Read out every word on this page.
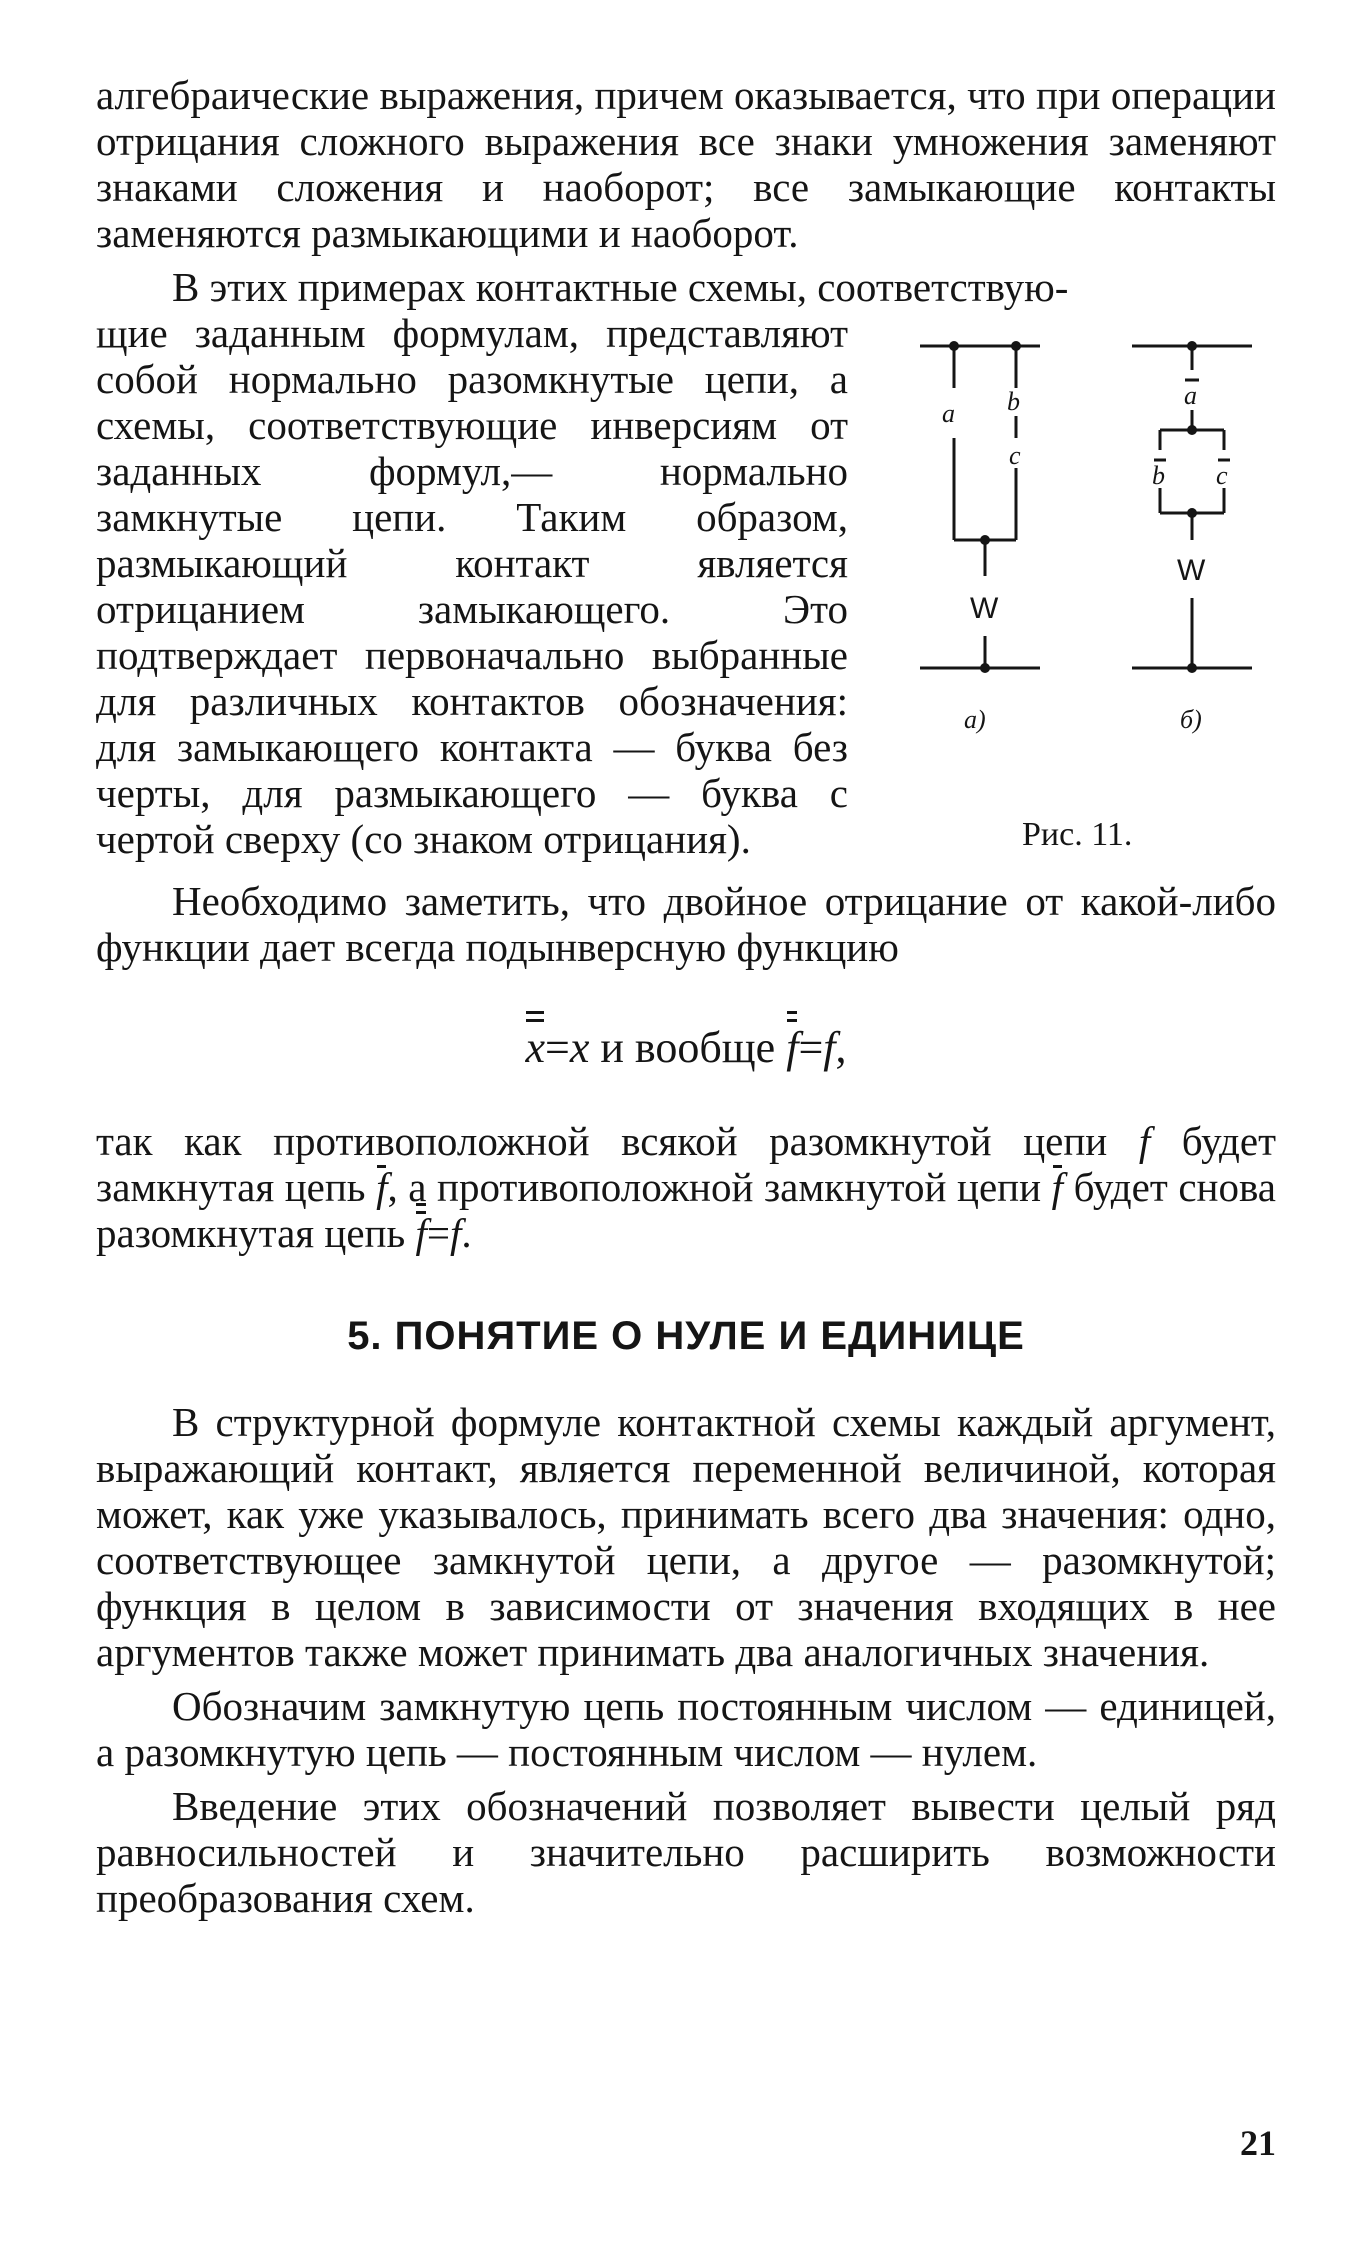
алгебраические выражения, причем оказывается, что при операции отрицания сложного выражения все знаки умножения заменяют знаками сложения и наоборот; все замыкающие контакты заменяются размыкающими и наоборот.

В этих примерах контактные схемы, соответствую-

щие заданным формулам, представляют собой нормально разомкнутые цепи, а схемы, соответствующие инверсиям от заданных формул,— нормально замкнутые цепи. Таким образом, размыкающий контакт является отрицанием замыкающего. Это подтверждает первоначально выбранные для различных контактов обозначения: для замыкающего контакта — буква без черты, для размыкающего — буква с чертой сверху (со знаком отрицания).

a b
c
W
а)
a
b c
W
б)
Рис. 11.

Необходимо заметить, что двойное отрицание от какой-либо функции дает всегда подынверсную функцию

x=x и вообще f=f,

так как противоположной всякой разомкнутой цепи f будет замкнутая цепь f, а противоположной замкнутой цепи f будет снова разомкнутая цепь f=f.

5. ПОНЯТИЕ О НУЛЕ И ЕДИНИЦЕ

В структурной формуле контактной схемы каждый аргумент, выражающий контакт, является переменной величиной, которая может, как уже указывалось, принимать всего два значения: одно, соответствующее замкнутой цепи, а другое — разомкнутой; функция в целом в зависимости от значения входящих в нее аргументов также может принимать два аналогичных значения.

Обозначим замкнутую цепь постоянным числом — единицей, а разомкнутую цепь — постоянным числом — нулем.

Введение этих обозначений позволяет вывести целый ряд равносильностей и значительно расширить возможности преобразования схем.

21
